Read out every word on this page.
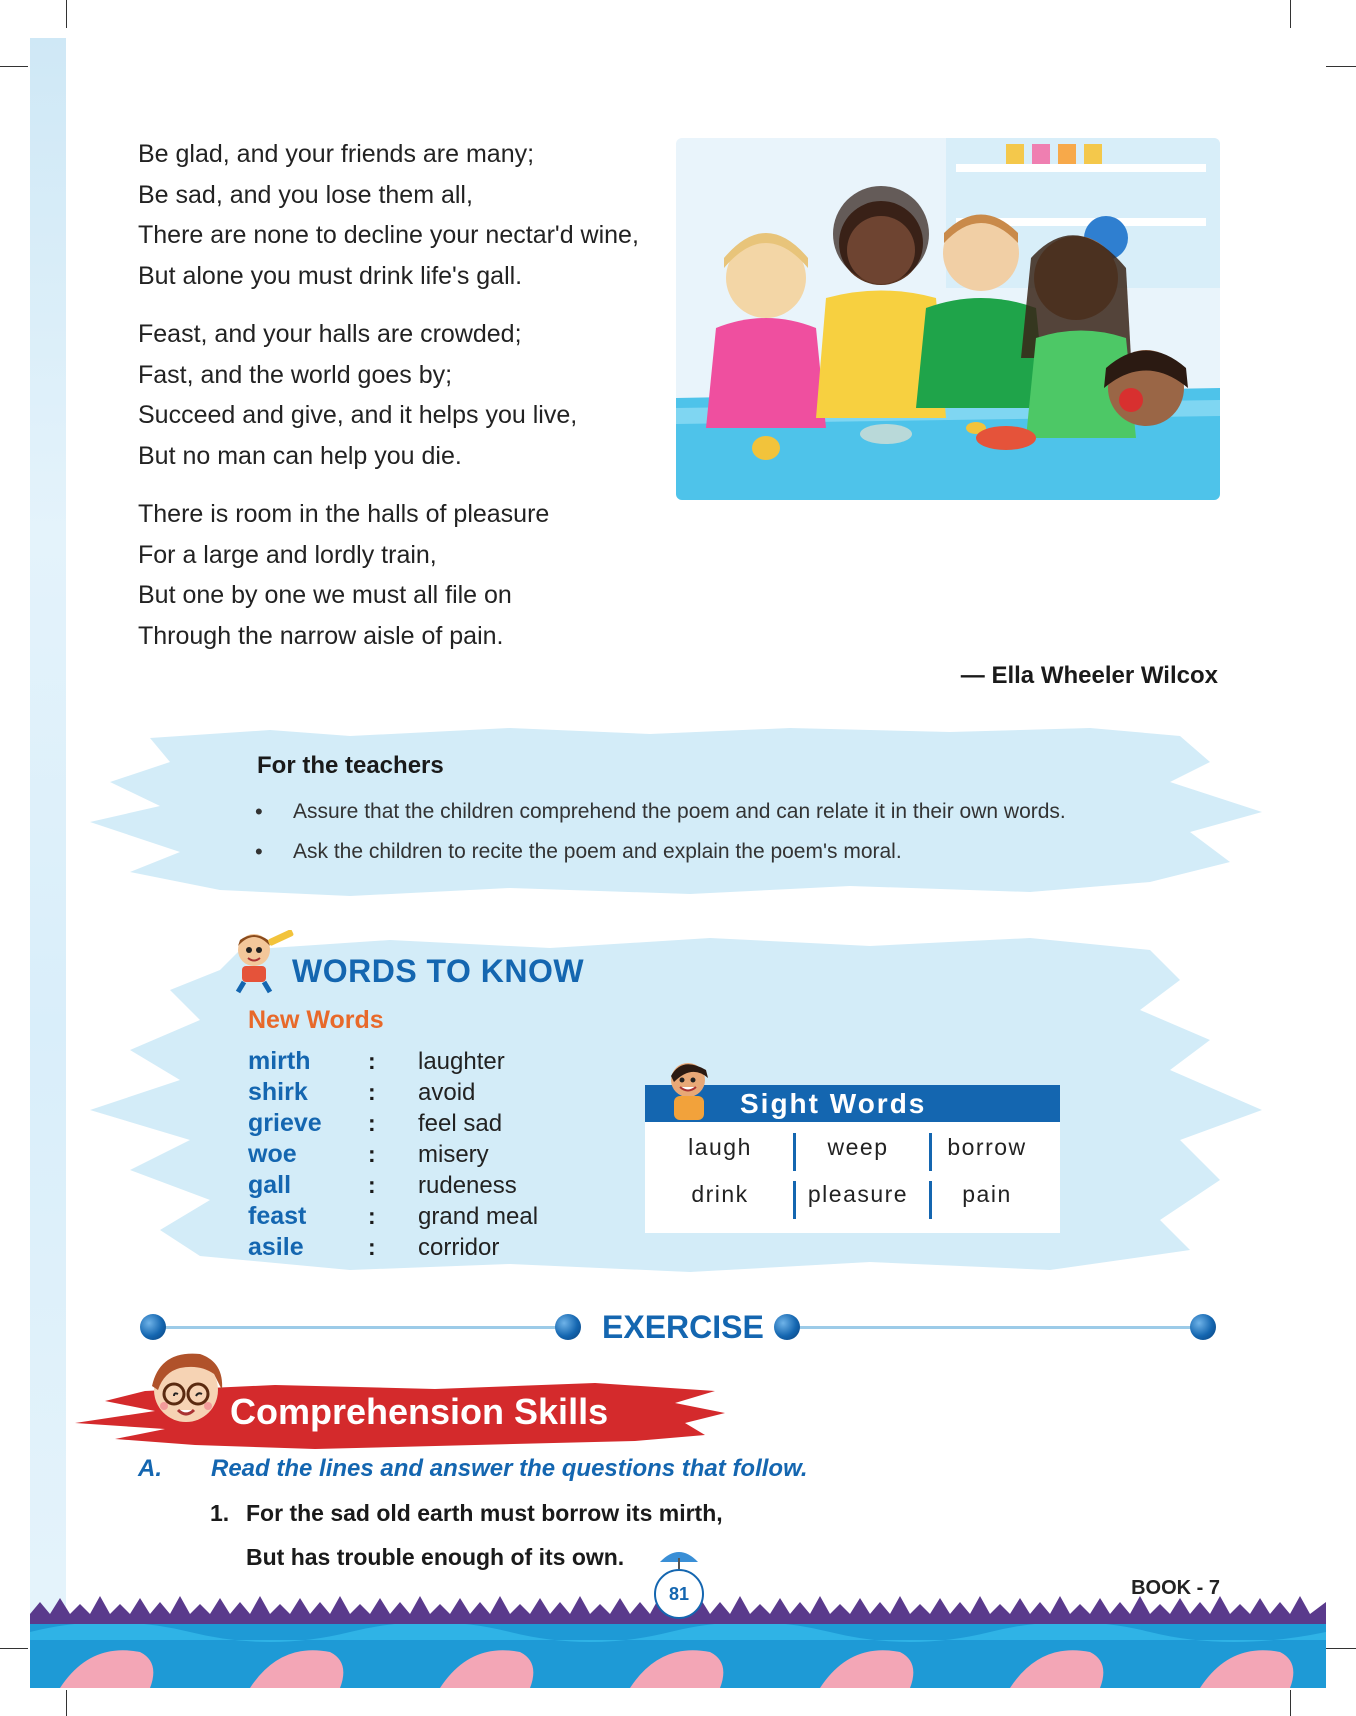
Be glad, and your friends are many;
Be sad, and you lose them all,
There are none to decline your nectar'd wine,
But alone you must drink life's gall.
Feast, and your halls are crowded;
Fast, and the world goes by;
Succeed and give, and it helps you live,
But no man can help you die.
There is room in the halls of pleasure
For a large and lordly train,
But one by one we must all file on
Through the narrow aisle of pain.
— Ella Wheeler Wilcox
For the teachers
• Assure that the children comprehend the poem and can relate it in their own words.
• Ask the children to recite the poem and explain the poem's moral.
WORDS TO KNOW
New Words
mirth	: laughter
shirk	: avoid
grieve : feel sad
woe	: misery
gall	: rudeness
feast	: grand meal
asile	: corridor
Sight Words
laugh	weep	borrow
drink	pleasure	pain
EXERCISE
Comprehension Skills
A. Read the lines and answer the questions that follow.
1. For the sad old earth must borrow its mirth,
But has trouble enough of its own.
81	BOOK - 7
